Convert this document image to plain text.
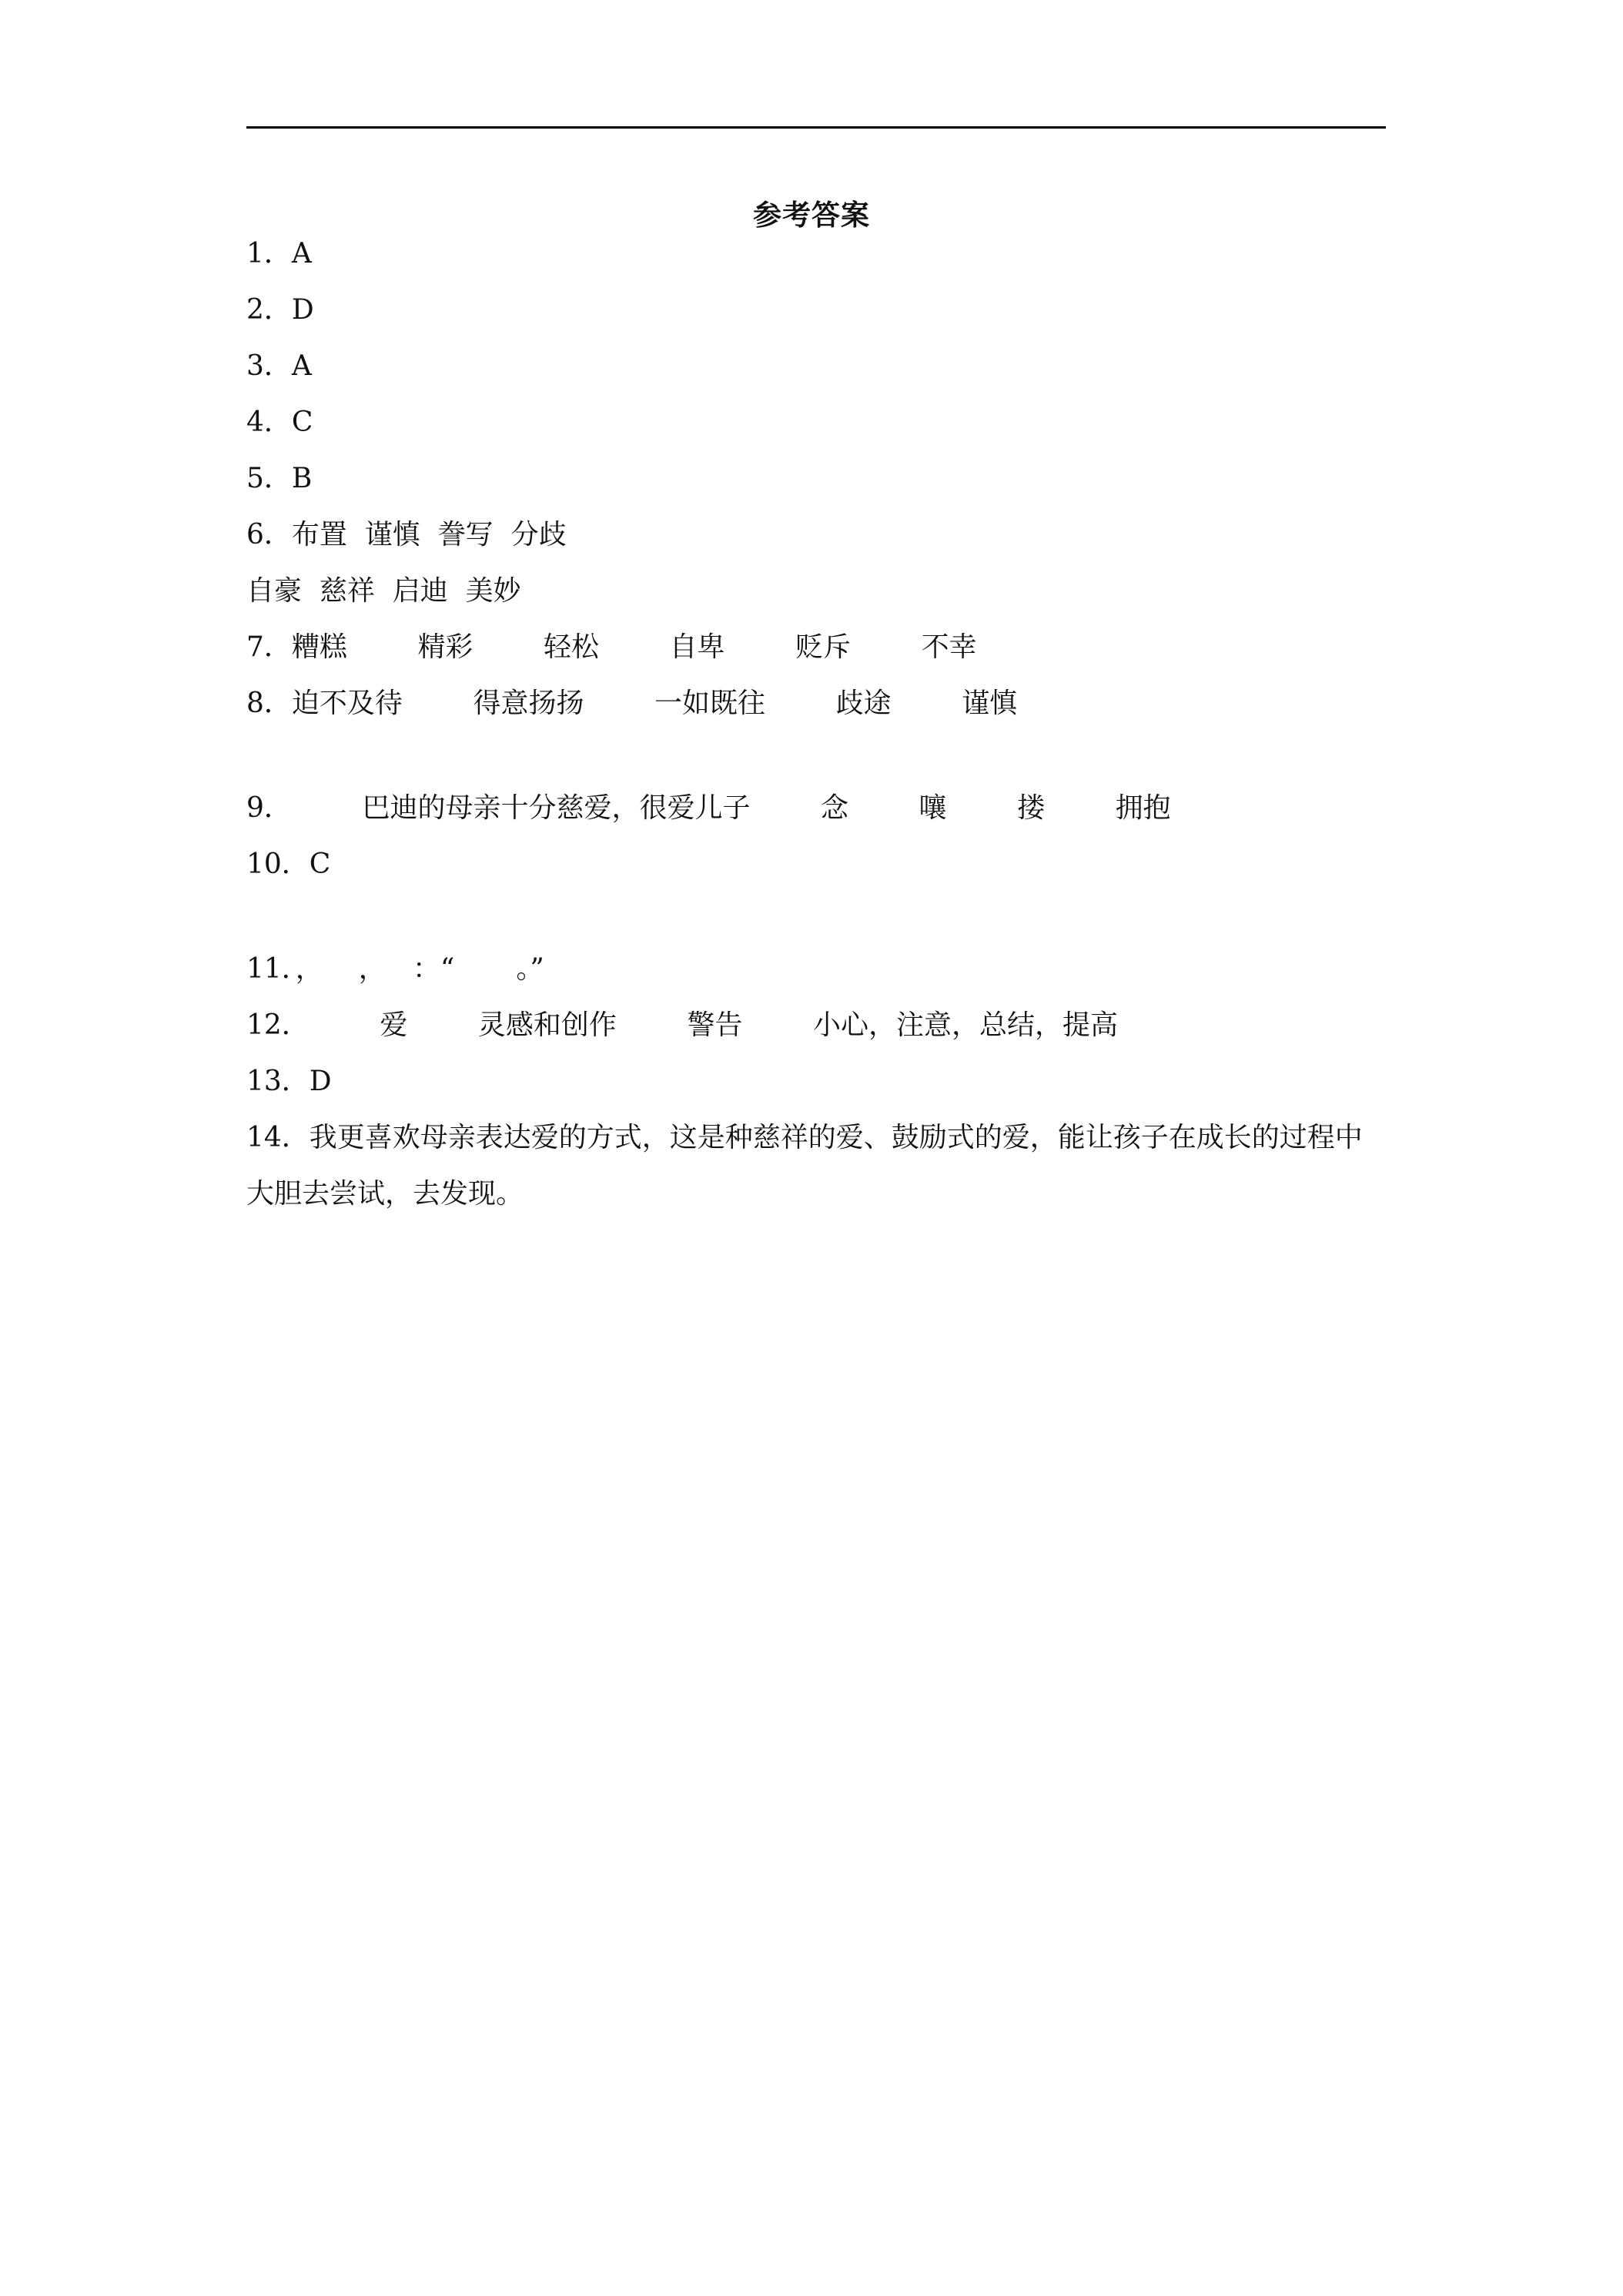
参考答案
1．A
2．D
3．A
4．C
5．B
6．布置  谨慎  誊写  分歧
自豪  慈祥  启迪  美妙
7．糟糕        精彩        轻松        自卑        贬斥        不幸
8．迫不及待        得意扬扬        一如既往        歧途        谨慎
9．        巴迪的母亲十分慈爱，很爱儿子        念        嚷        搂        拥抱
10．C
11．，    ，   ：“       。”
12．        爱        灵感和创作        警告        小心，注意，总结，提高
13．D
14．我更喜欢母亲表达爱的方式，这是种慈祥的爱、鼓励式的爱，能让孩子在成长的过程中
大胆去尝试，去发现。
